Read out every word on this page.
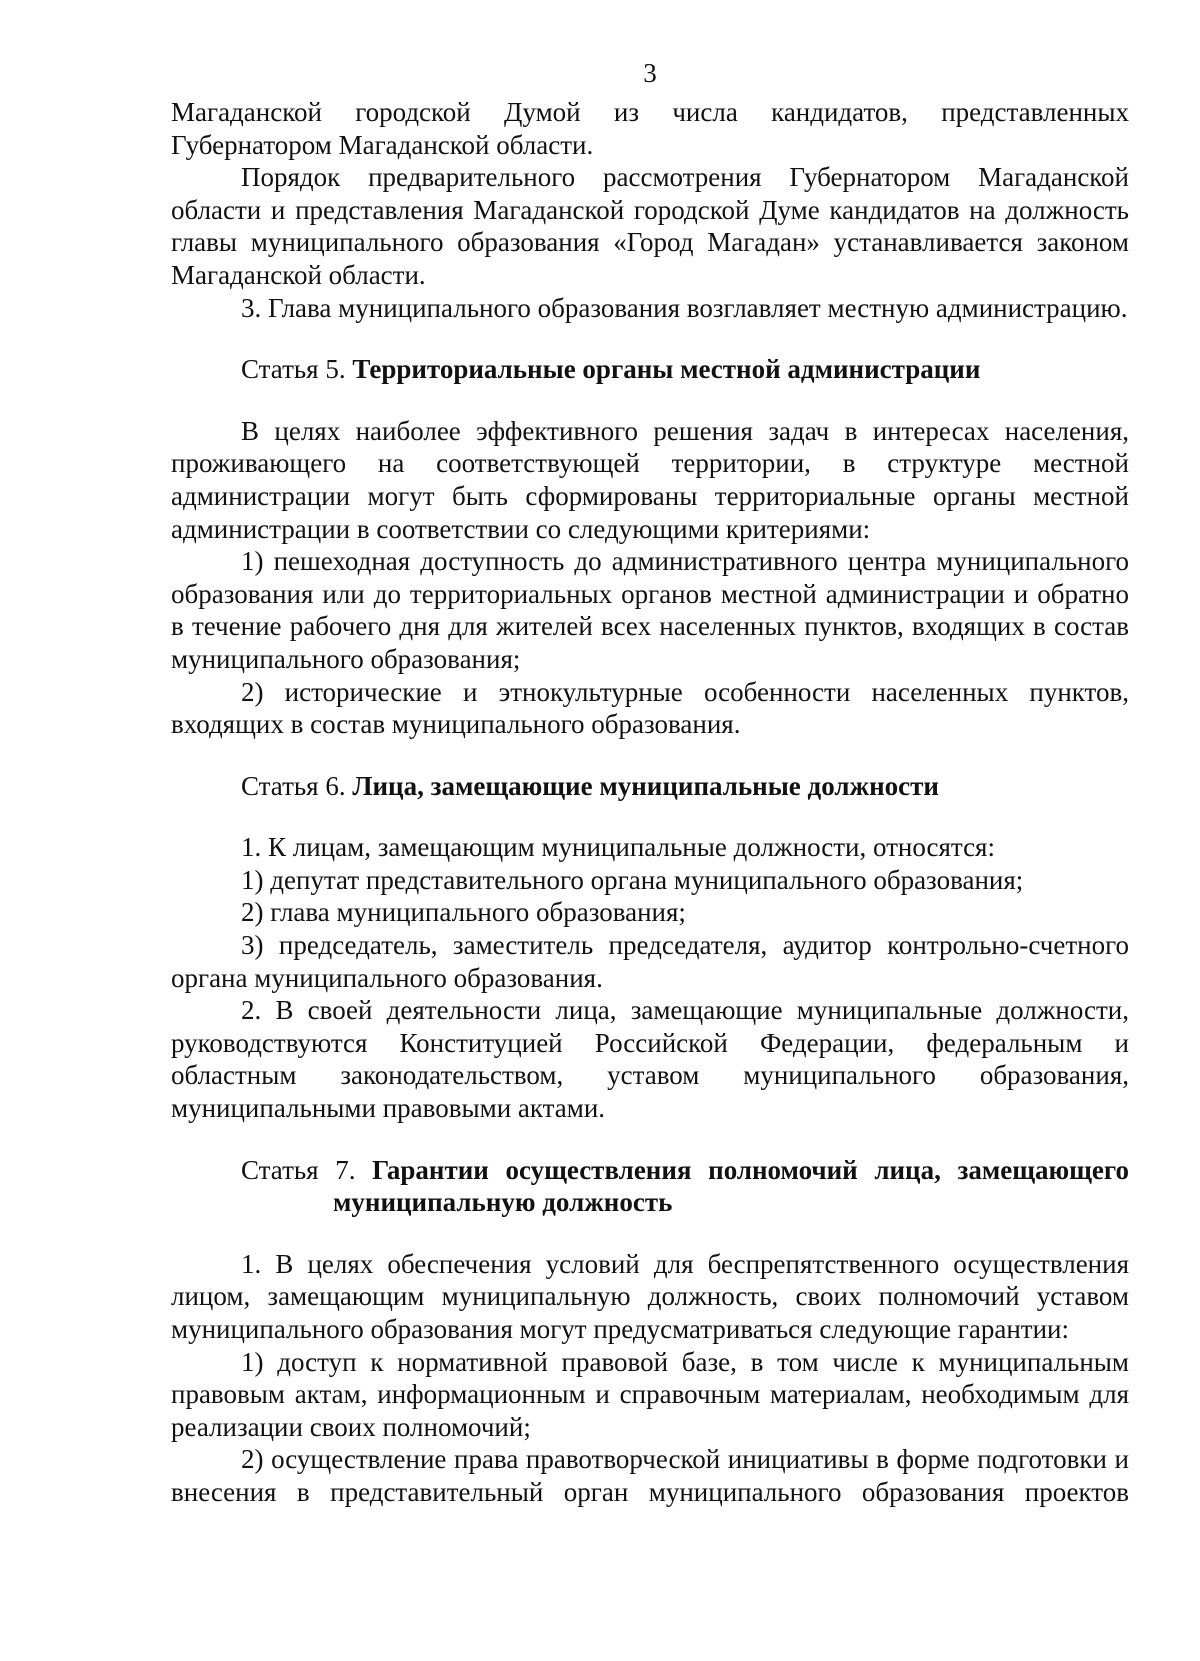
3

Магаданской городской Думой из числа кандидатов, представленных Губернатором Магаданской области.

Порядок предварительного рассмотрения Губернатором Магаданской области и представления Магаданской городской Думе кандидатов на должность главы муниципального образования «Город Магадан» устанавливается законом Магаданской области.

3. Глава муниципального образования возглавляет местную администрацию.

Статья 5. Территориальные органы местной администрации

В целях наиболее эффективного решения задач в интересах населения, проживающего на соответствующей территории, в структуре местной администрации могут быть сформированы территориальные органы местной администрации в соответствии со следующими критериями:

1) пешеходная доступность до административного центра муниципального образования или до территориальных органов местной администрации и обратно в течение рабочего дня для жителей всех населенных пунктов, входящих в состав муниципального образования;

2) исторические и этнокультурные особенности населенных пунктов, входящих в состав муниципального образования.

Статья 6. Лица, замещающие муниципальные должности

1. К лицам, замещающим муниципальные должности, относятся:

1) депутат представительного органа муниципального образования;

2) глава муниципального образования;

3) председатель, заместитель председателя, аудитор контрольно-счетного органа муниципального образования.

2. В своей деятельности лица, замещающие муниципальные должности, руководствуются Конституцией Российской Федерации, федеральным и областным законодательством, уставом муниципального образования, муниципальными правовыми актами.

Статья 7. Гарантии осуществления полномочий лица, замещающего муниципальную должность

1. В целях обеспечения условий для беспрепятственного осуществления лицом, замещающим муниципальную должность, своих полномочий уставом муниципального образования могут предусматриваться следующие гарантии:

1) доступ к нормативной правовой базе, в том числе к муниципальным правовым актам, информационным и справочным материалам, необходимым для реализации своих полномочий;

2) осуществление права правотворческой инициативы в форме подготовки и внесения в представительный орган муниципального образования проектов
